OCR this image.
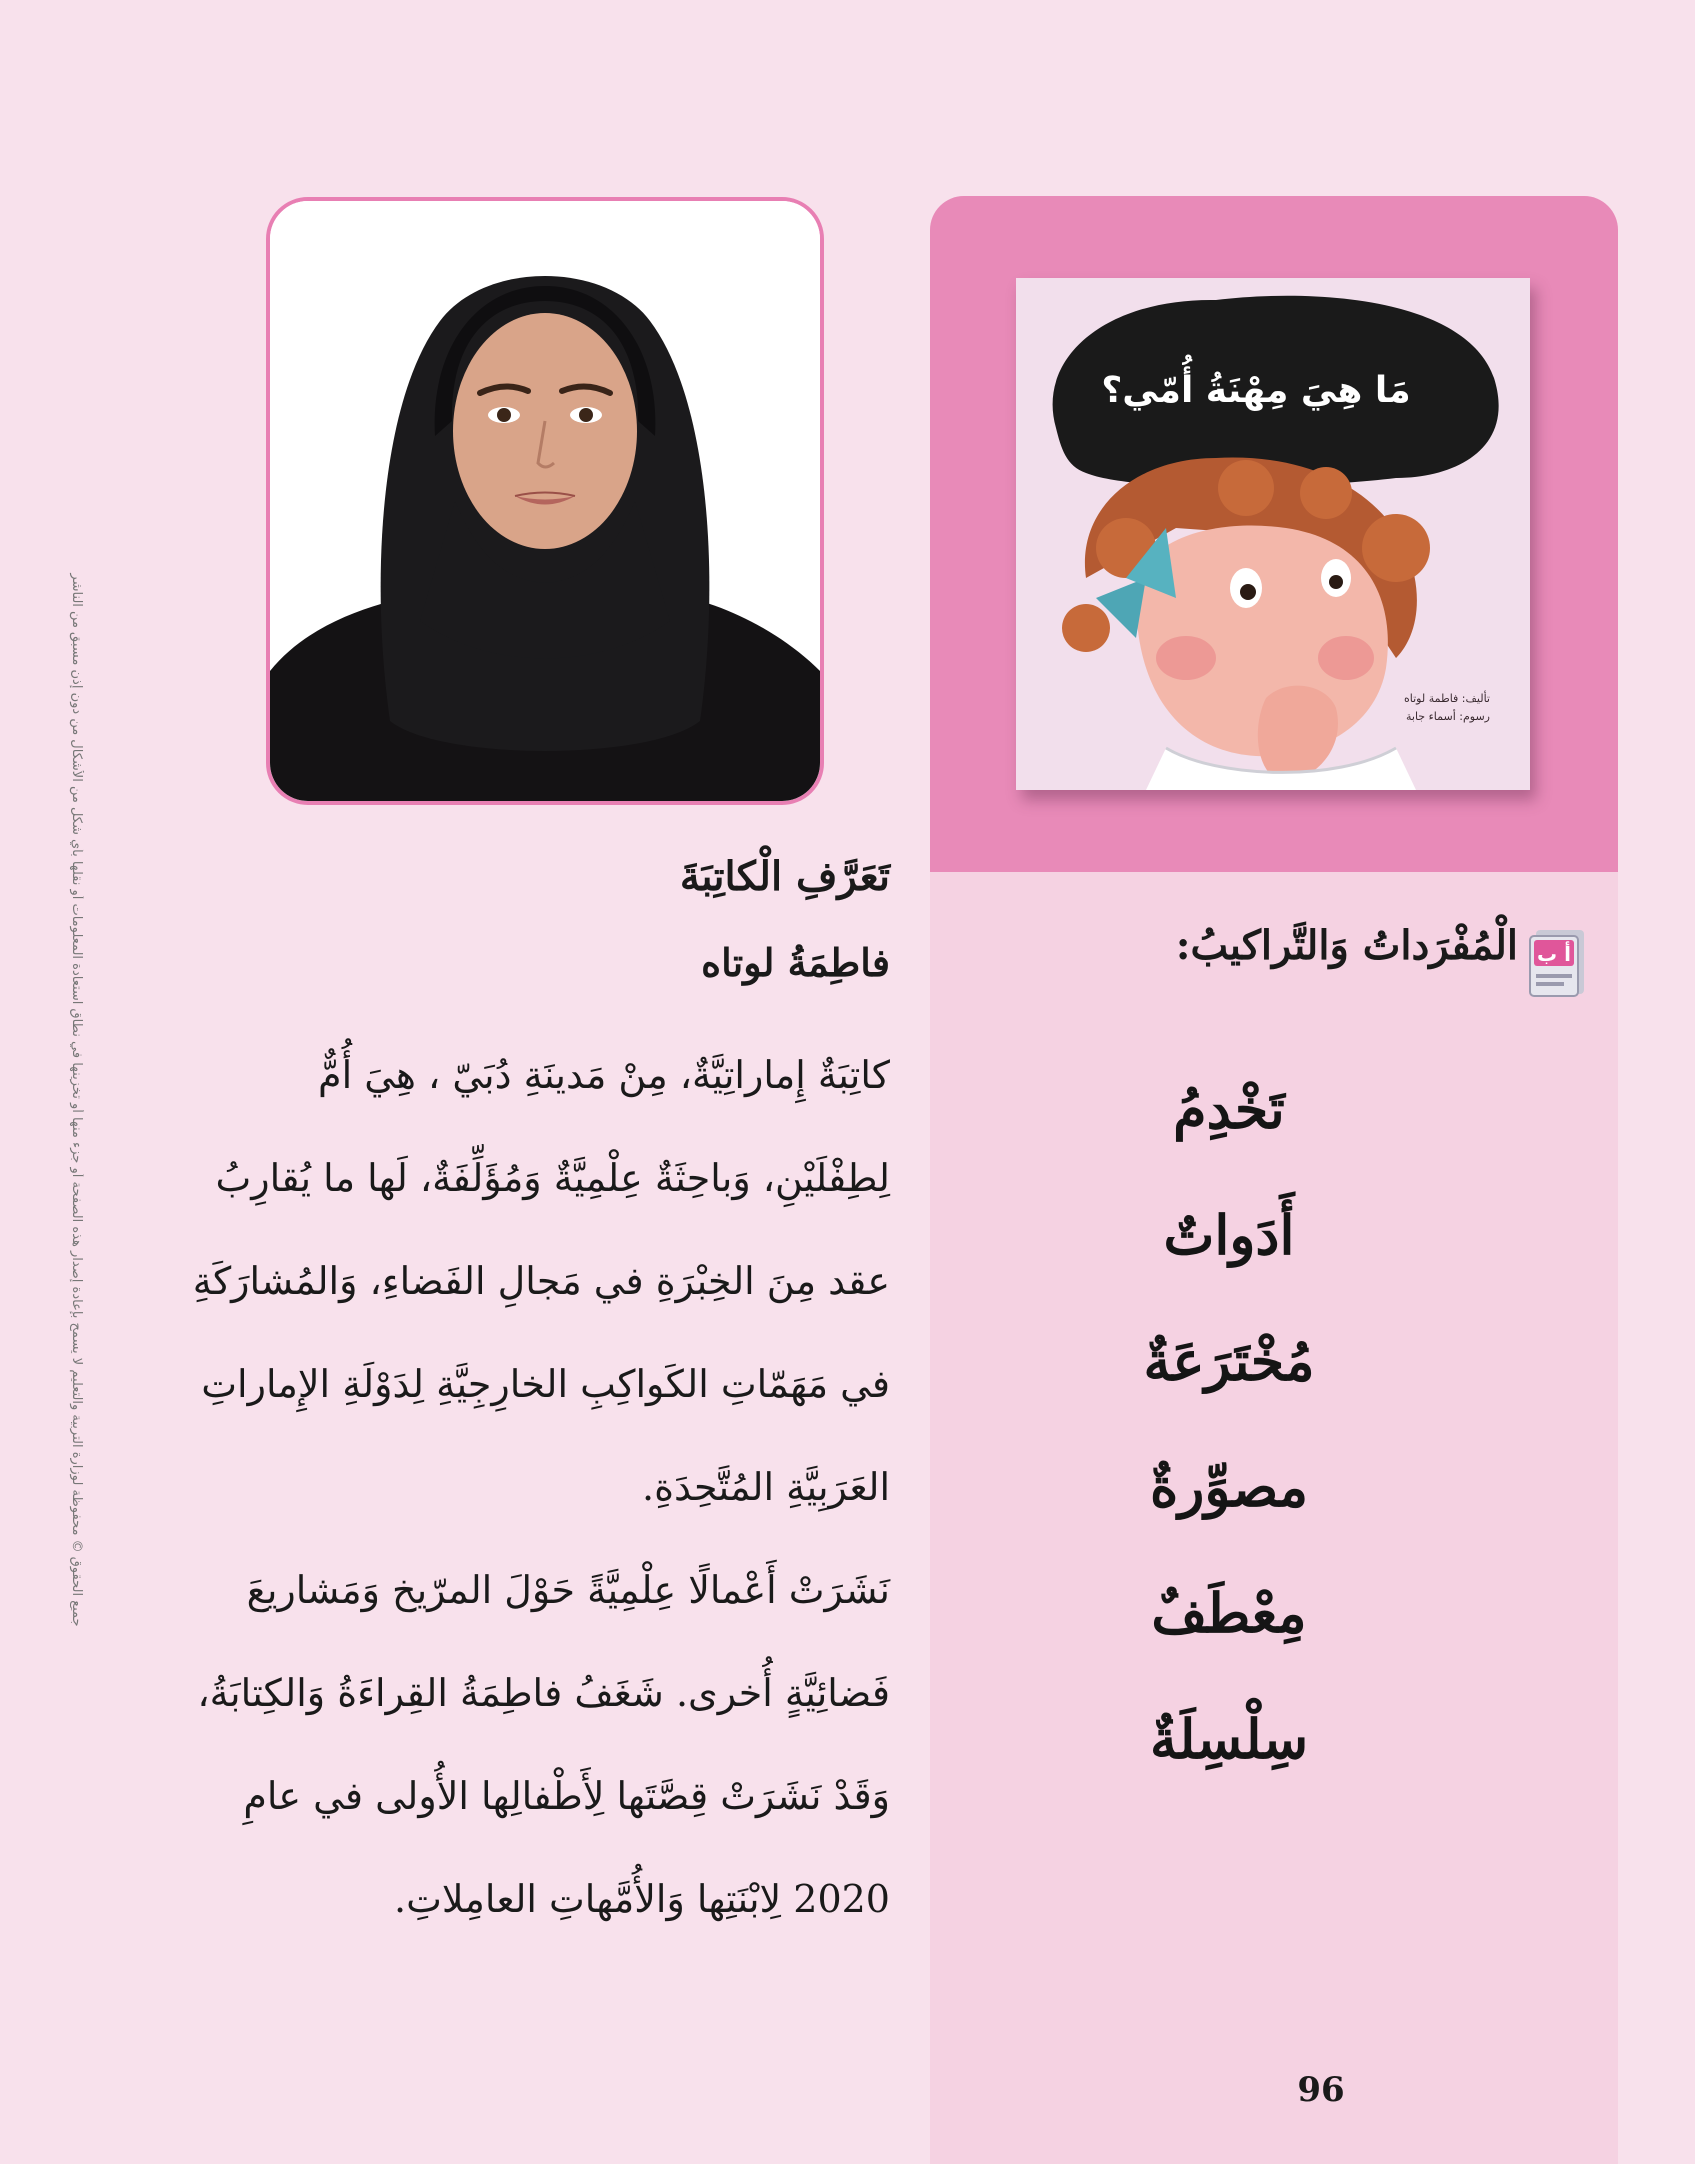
جميع الحقوق © محفوظة لوزارة التربية والتعليم لا يسمح بإعادة إصدار هذه الصفحة أو جزء منها أو تخزينها في نطاق استعادة المعلومات أو نقلها بأي شكل من الأشكال من دون إذن مسبق من الناشر	تَعَرَّفِ الْكاتِبَةَ
فاطِمَةُ لوتاه

كاتِبَةٌ إِماراتِيَّةٌ، مِنْ مَدينَةِ دُبَيّ ، هِيَ أُمٌّ لِطِفْلَيْنِ، وَباحِثَةٌ عِلْمِيَّةٌ وَمُؤَلِّفَةٌ، لَها ما يُقارِبُ عقد مِنَ الخِبْرَةِ في مَجالِ الفَضاءِ، وَالمُشارَكَةِ في مَهَمّاتِ الكَواكِبِ الخارِجِيَّةِ لِدَوْلَةِ الإِماراتِ العَرَبِيَّةِ المُتَّحِدَةِ.

نَشَرَتْ أَعْمالًا عِلْمِيَّةً حَوْلَ المرّيخ وَمَشاريعَ فَضائِيَّةٍ أُخرى. شَغَفُ فاطِمَةُ القِراءَةُ وَالكِتابَةُ، وَقَدْ نَشَرَتْ قِصَّتَها لِأَطْفالِها الأُولى في عامِ 2020 لِابْنَتِها وَالأُمَّهاتِ العامِلاتِ.

مَا هِيَ مِهْنَةُ أُمّي؟
تأليف: فاطمة لوتاه
رسوم: أسماء جابة
أ ب
الْمُفْرَداتُ وَالتَّراكيبُ:
تَخْدِمُ
أَدَواتٌ
مُخْتَرَعَةٌ
مصوِّرةٌ
مِعْطَفٌ
سِلْسِلَةٌ
96
